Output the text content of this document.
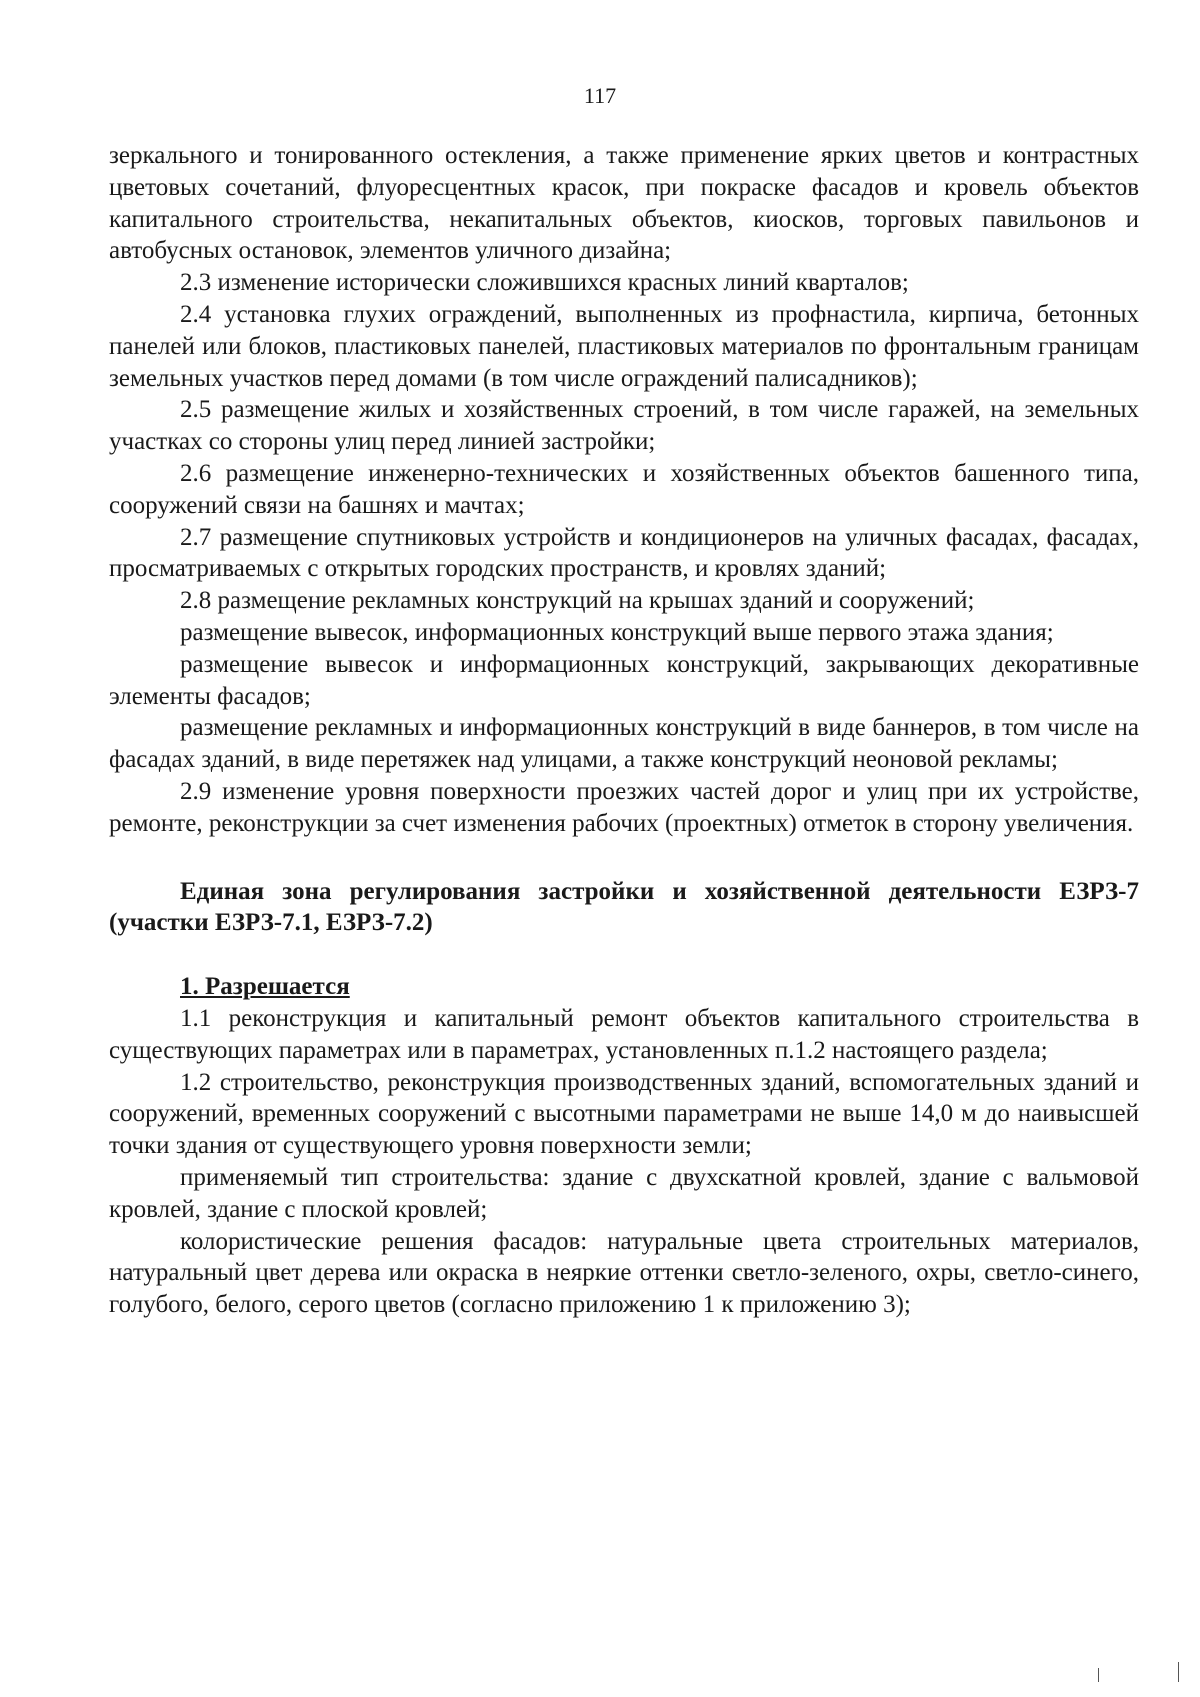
117

зеркального и тонированного остекления, а также применение ярких цветов и контрастных цветовых сочетаний, флуоресцентных красок, при покраске фасадов и кровель объектов капитального строительства, некапитальных объектов, киосков, торговых павильонов и автобусных остановок, элементов уличного дизайна;

2.3 изменение исторически сложившихся красных линий кварталов;

2.4 установка глухих ограждений, выполненных из профнастила, кирпича, бетонных панелей или блоков, пластиковых панелей, пластиковых материалов по фронтальным границам земельных участков перед домами (в том числе ограждений палисадников);

2.5 размещение жилых и хозяйственных строений, в том числе гаражей, на земельных участках со стороны улиц перед линией застройки;

2.6 размещение инженерно-технических и хозяйственных объектов башенного типа, сооружений связи на башнях и мачтах;

2.7 размещение спутниковых устройств и кондиционеров на уличных фасадах, фасадах, просматриваемых с открытых городских пространств, и кровлях зданий;

2.8 размещение рекламных конструкций на крышах зданий и сооружений;

размещение вывесок, информационных конструкций выше первого этажа здания;

размещение вывесок и информационных конструкций, закрывающих декоративные элементы фасадов;

размещение рекламных и информационных конструкций в виде баннеров, в том числе на фасадах зданий, в виде перетяжек над улицами, а также конструкций неоновой рекламы;

2.9 изменение уровня поверхности проезжих частей дорог и улиц при их устройстве, ремонте, реконструкции за счет изменения рабочих (проектных) отметок в сторону увеличения.

Единая зона регулирования застройки и хозяйственной деятельности ЕЗРЗ-7 (участки ЕЗРЗ-7.1, ЕЗРЗ-7.2)

1. Разрешается

1.1 реконструкция и капитальный ремонт объектов капитального строительства в существующих параметрах или в параметрах, установленных п.1.2 настоящего раздела;

1.2 строительство, реконструкция производственных зданий, вспомогательных зданий и сооружений, временных сооружений с высотными параметрами не выше 14,0 м до наивысшей точки здания от существующего уровня поверхности земли;

применяемый тип строительства: здание с двухскатной кровлей, здание с вальмовой кровлей, здание с плоской кровлей;

колористические решения фасадов: натуральные цвета строительных материалов, натуральный цвет дерева или окраска в неяркие оттенки светло-зеленого, охры, светло-синего, голубого, белого, серого цветов (согласно приложению 1 к приложению 3);
